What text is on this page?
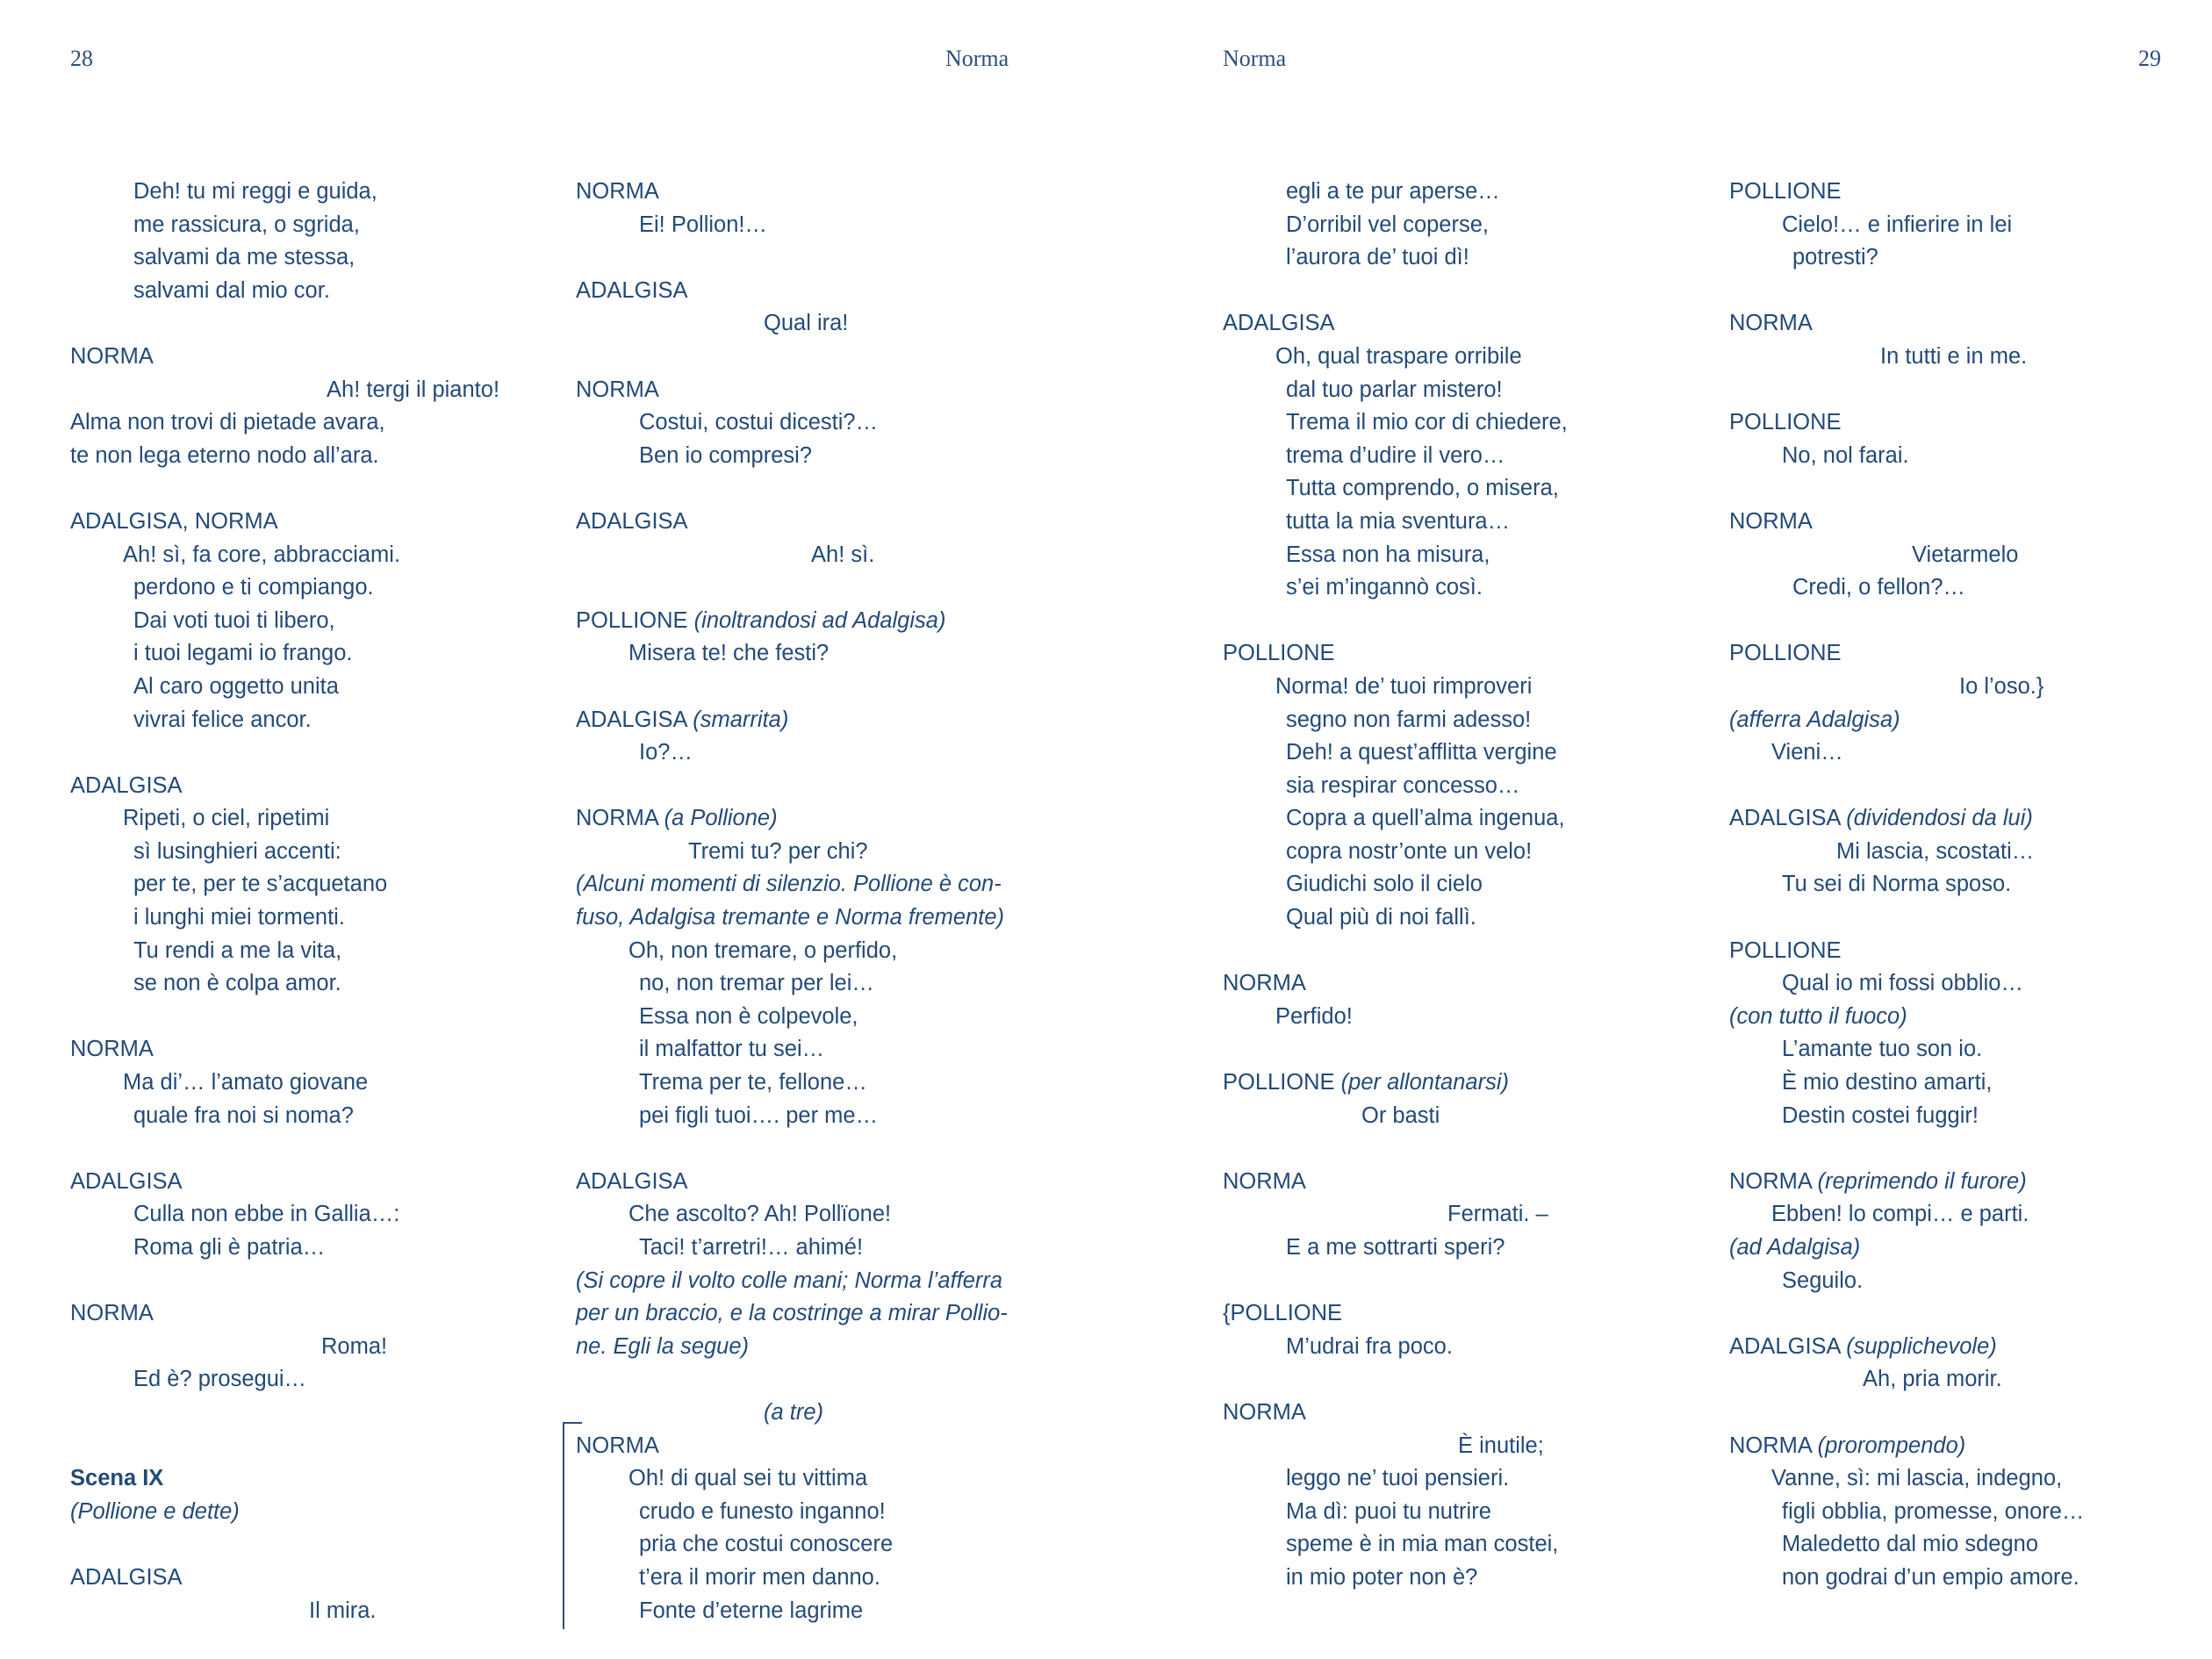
28	Norma	Norma	29
Deh! tu mi reggi e guida,
me rassicura, o sgrida,
salvami da me stessa,
salvami dal mio cor.
NORMA
Ah! tergi il pianto!
Alma non trovi di pietade avara,
te non lega eterno nodo all’ara.
ADALGISA, NORMA
Ah! sì, fa core, abbracciami.
perdono e ti compiango.
Dai voti tuoi ti libero,
i tuoi legami io frango.
Al caro oggetto unita
vivrai felice ancor.
ADALGISA
Ripeti, o ciel, ripetimi
sì lusinghieri accenti:
per te, per te s’acquetano
i lunghi miei tormenti.
Tu rendi a me la vita,
se non è colpa amor.
NORMA
Ma di’… l’amato giovane
quale fra noi si noma?
ADALGISA
Culla non ebbe in Gallia…:
Roma gli è patria…
NORMA
Roma!
Ed è? prosegui…
Scena IX
(Pollione e dette)
ADALGISA
Il mira.
NORMA
Ei! Pollion!…
ADALGISA
Qual ira!
NORMA
Costui, costui dicesti?…
Ben io compresi?
ADALGISA
Ah! sì.
POLLIONE (inoltrandosi ad Adalgisa)
Misera te! che festi?
ADALGISA (smarrita)
Io?…
NORMA (a Pollione)
Tremi tu? per chi?
(Alcuni momenti di silenzio. Pollione è con-
fuso, Adalgisa tremante e Norma fremente)
Oh, non tremare, o perfido,
no, non tremar per lei…
Essa non è colpevole,
il malfattor tu sei…
Trema per te, fellone…
pei figli tuoi…. per me…
ADALGISA
Che ascolto? Ah! Pollïone!
Taci! t’arretri!… ahimé!
(Si copre il volto colle mani; Norma l’afferra
per un braccio, e la costringe a mirar Pollio-
ne. Egli la segue)
(a tre)
NORMA
Oh! di qual sei tu vittima
crudo e funesto inganno!
pria che costui conoscere
t’era il morir men danno.
Fonte d’eterne lagrime
egli a te pur aperse…
D’orribil vel coperse,
l’aurora de’ tuoi dì!
ADALGISA
Oh, qual traspare orribile
dal tuo parlar mistero!
Trema il mio cor di chiedere,
trema d’udire il vero…
Tutta comprendo, o misera,
tutta la mia sventura…
Essa non ha misura,
s’ei m’ingannò così.
POLLIONE
Norma! de’ tuoi rimproveri
segno non farmi adesso!
Deh! a quest’afflitta vergine
sia respirar concesso…
Copra a quell’alma ingenua,
copra nostr’onte un velo!
Giudichi solo il cielo
Qual più di noi fallì.
NORMA
Perfido!
POLLIONE (per allontanarsi)
Or basti
NORMA
Fermati. –
E a me sottrarti speri?
{POLLIONE
M’udrai fra poco.
NORMA
È inutile;
leggo ne’ tuoi pensieri.
Ma dì: puoi tu nutrire
speme è in mia man costei,
in mio poter non è?
POLLIONE
Cielo!… e infierire in lei
potresti?
NORMA
In tutti e in me.
POLLIONE
No, nol farai.
NORMA
Vietarmelo
Credi, o fellon?…
POLLIONE
Io l’oso.}
(afferra Adalgisa)
Vieni…
ADALGISA (dividendosi da lui)
Mi lascia, scostati…
Tu sei di Norma sposo.
POLLIONE
Qual io mi fossi obblio…
(con tutto il fuoco)
L’amante tuo son io.
È mio destino amarti,
Destin costei fuggir!
NORMA (reprimendo il furore)
Ebben! lo compi… e parti.
(ad Adalgisa)
Seguilo.
ADALGISA (supplichevole)
Ah, pria morir.
NORMA (prorompendo)
Vanne, sì: mi lascia, indegno,
figli obblia, promesse, onore…
Maledetto dal mio sdegno
non godrai d’un empio amore.
